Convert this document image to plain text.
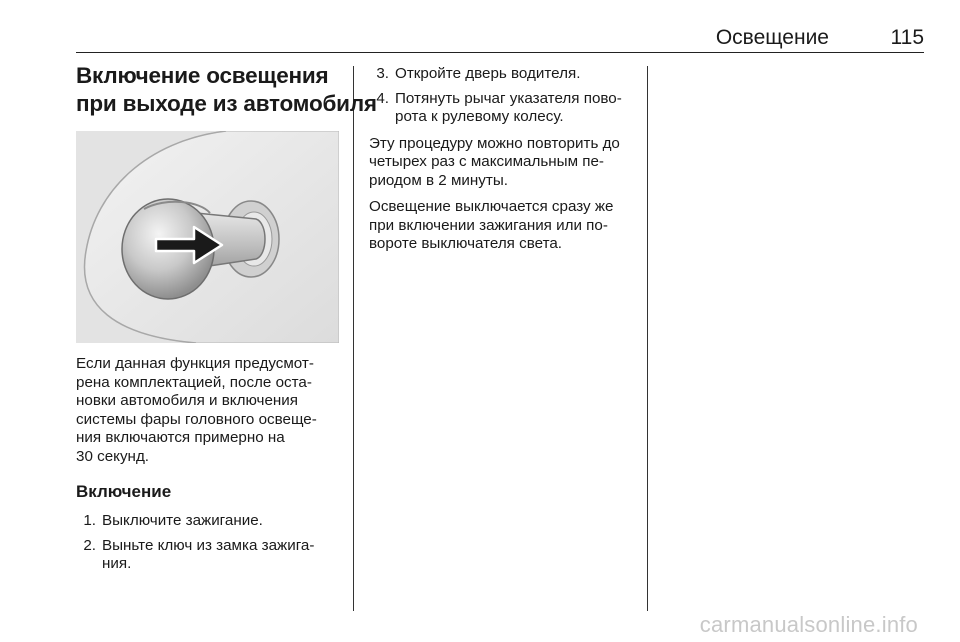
Освещение	115
Включение освещения
при выходе из автомобиля

Если данная функция предусмот-

рена комплектацией, после оста-

новки автомобиля и включения

системы фары головного освеще-

ния включаются примерно на

30 секунд.

Включение
1. Выключите зажигание.
2. Выньте ключ из замка зажига-
ния.
3. Откройте дверь водителя.
4. Потянуть рычаг указателя пово-
рота к рулевому колесу.

Эту процедуру можно повторить до

четырех раз с максимальным пе-

риодом в 2 минуты.

Освещение выключается сразу же

при включении зажигания или по-

вороте выключателя света.

carmanualsonline.info
